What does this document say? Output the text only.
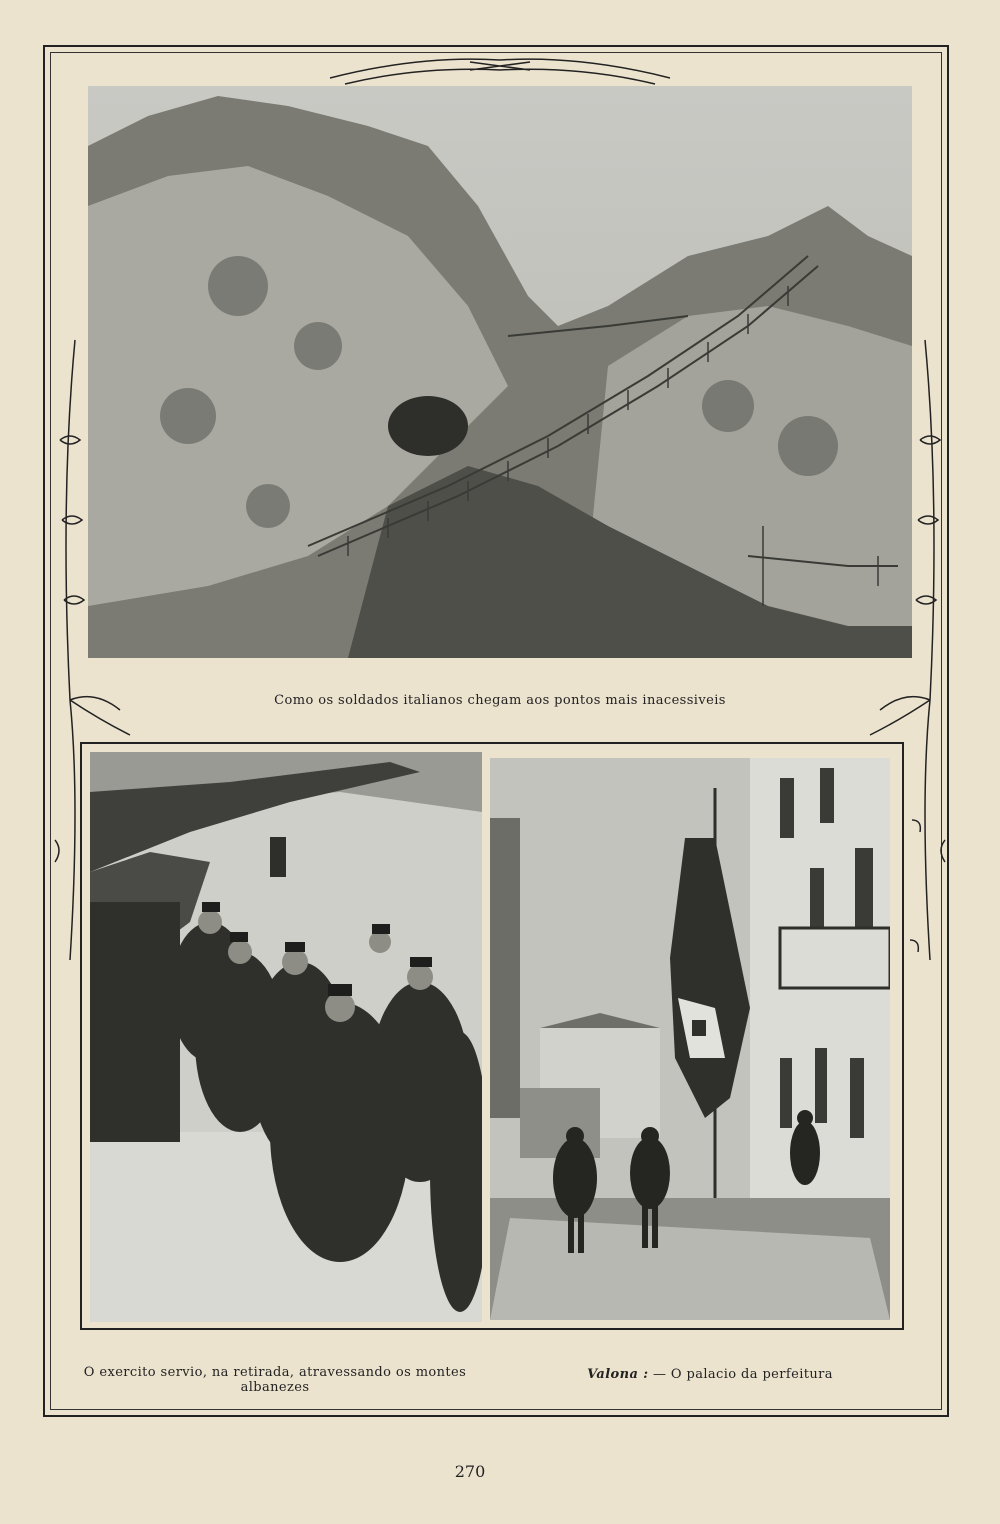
Como os soldados italianos chegam aos pontos mais inacessiveis
O exercito servio, na retirada, atravessando os montes albanezes
Valona : — O palacio da perfeitura
270
